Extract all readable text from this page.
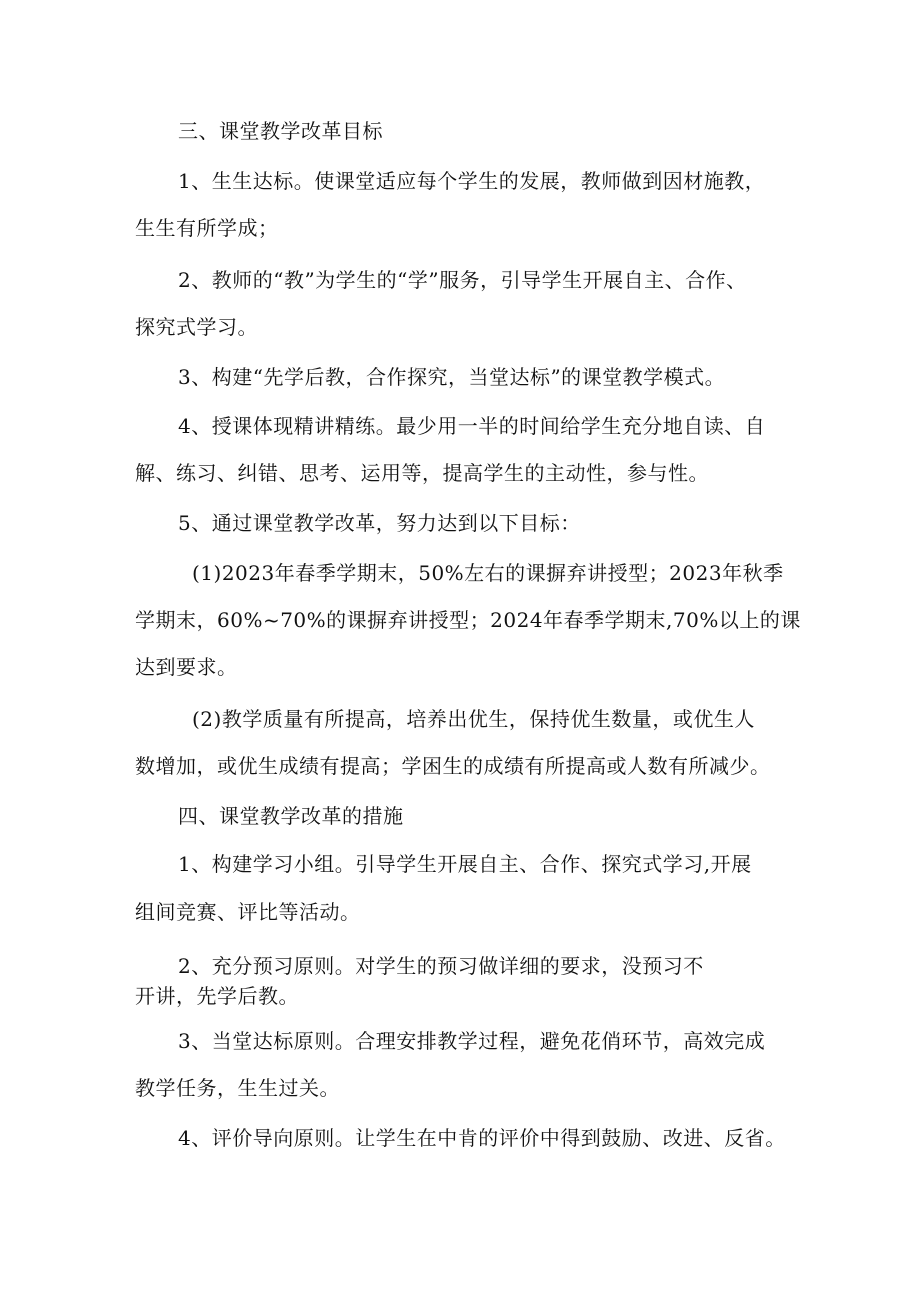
三、课堂教学改革目标

1、生生达标。使课堂适应每个学生的发展，教师做到因材施教，

生生有所学成；

2、教师的“教”为学生的“学”服务，引导学生开展自主、合作、

探究式学习。

3、构建“先学后教，合作探究，当堂达标”的课堂教学模式。

4、授课体现精讲精练。最少用一半的时间给学生充分地自读、自

解、练习、纠错、思考、运用等，提高学生的主动性，参与性。

5、通过课堂教学改革，努力达到以下目标：

(1)2023年春季学期末，50%左右的课摒弃讲授型；2023年秋季

学期末，60%~70%的课摒弃讲授型；2024年春季学期末,70%以上的课

达到要求。

(2)教学质量有所提高，培养出优生，保持优生数量，或优生人

数增加，或优生成绩有提高；学困生的成绩有所提高或人数有所减少。

四、课堂教学改革的措施

1、构建学习小组。引导学生开展自主、合作、探究式学习,开展

组间竞赛、评比等活动。

2、充分预习原则。对学生的预习做详细的要求，没预习不

开讲，先学后教。

3、当堂达标原则。合理安排教学过程，避免花俏环节，高效完成

教学任务，生生过关。

4、评价导向原则。让学生在中肯的评价中得到鼓励、改进、反省。
